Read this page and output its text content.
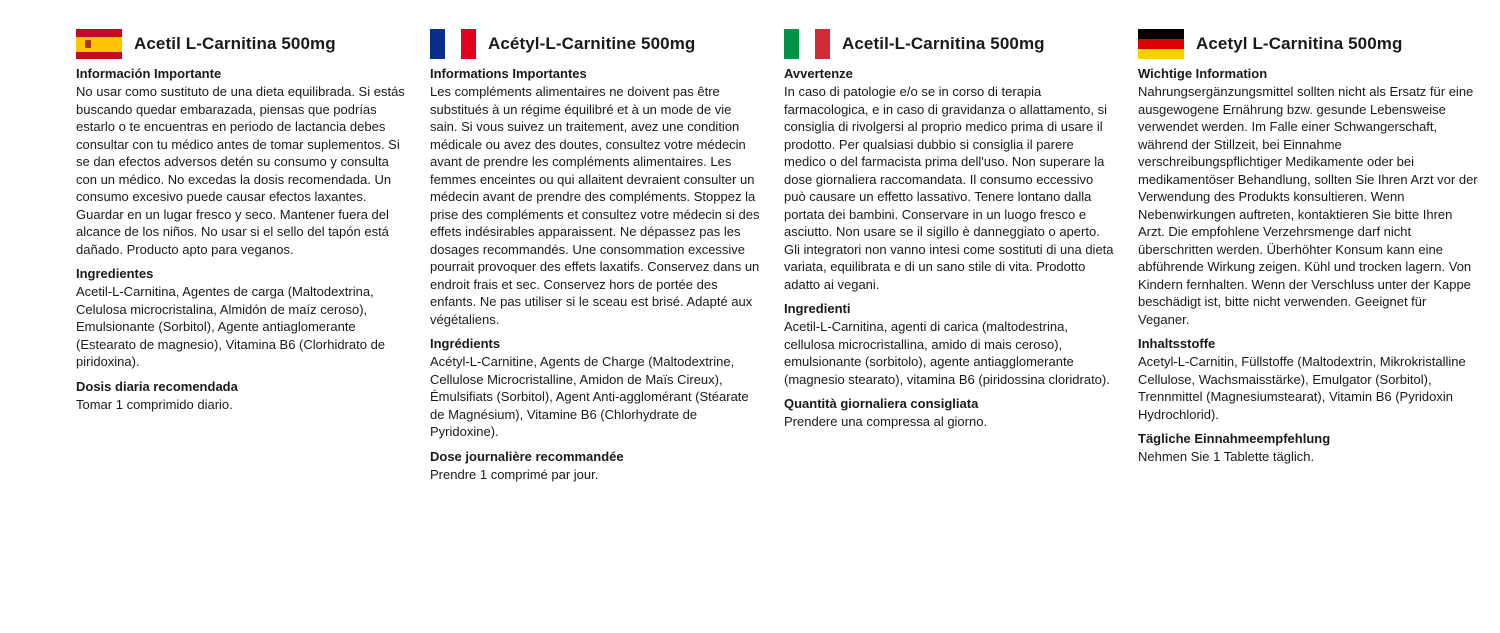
Acetil L-Carnitina 500mg
Información Importante

No usar como sustituto de una dieta equilibrada. Si estás buscando quedar embarazada, piensas que podrías estarlo o te encuentras en periodo de lactancia debes consultar con tu médico antes de tomar suplementos. Si se dan efectos adversos detén su consumo y consulta con un médico. No excedas la dosis recomendada. Un consumo excesivo puede causar efectos laxantes. Guardar en un lugar fresco y seco. Mantener fuera del alcance de los niños. No usar si el sello del tapón está dañado. Producto apto para veganos.

Ingredientes

Acetil-L-Carnitina, Agentes de carga (Maltodextrina, Celulosa microcristalina, Almidón de maíz ceroso), Emulsionante (Sorbitol), Agente antiaglomerante (Estearato de magnesio), Vitamina B6 (Clorhidrato de piridoxina).

Dosis diaria recomendada

Tomar 1 comprimido diario.

Acétyl-L-Carnitine 500mg
Informations Importantes

Les compléments alimentaires ne doivent pas être substitués à un régime équilibré et à un mode de vie sain. Si vous suivez un traitement, avez une condition médicale ou avez des doutes, consultez votre médecin avant de prendre les compléments alimentaires. Les femmes enceintes ou qui allaitent devraient consulter un médecin avant de prendre des compléments. Stoppez la prise des compléments et consultez votre médecin si des effets indésirables apparaissent. Ne dépassez pas les dosages recommandés. Une consommation excessive pourrait provoquer des effets laxatifs. Conservez dans un endroit frais et sec. Conservez hors de portée des enfants. Ne pas utiliser si le sceau est brisé. Adapté aux végétaliens.

Ingrédients

Acétyl-L-Carnitine, Agents de Charge (Maltodextrine, Cellulose Microcristalline, Amidon de Maïs Cireux), Émulsifiats (Sorbitol), Agent Anti-agglomérant (Stéarate de Magnésium), Vitamine B6 (Chlorhydrate de Pyridoxine).

Dose journalière recommandée

Prendre 1 comprimé par jour.

Acetil-L-Carnitina 500mg
Avvertenze

In caso di patologie e/o se in corso di terapia farmacologica, e in caso di gravidanza o allattamento, si consiglia di rivolgersi al proprio medico prima di usare il prodotto. Per qualsiasi dubbio si consiglia il parere medico o del farmacista prima dell'uso. Non superare la dose giornaliera raccomandata. Il consumo eccessivo può causare un effetto lassativo. Tenere lontano dalla portata dei bambini. Conservare in un luogo fresco e asciutto. Non usare se il sigillo è danneggiato o aperto. Gli integratori non vanno intesi come sostituti di una dieta variata, equilibrata e di un sano stile di vita. Prodotto adatto ai vegani.

Ingredienti

Acetil-L-Carnitina, agenti di carica (maltodestrina, cellulosa microcristallina, amido di mais ceroso), emulsionante (sorbitolo), agente antiagglomerante (magnesio stearato), vitamina B6 (piridossina cloridrato).

Quantità giornaliera consigliata

Prendere una compressa al giorno.

Acetyl L-Carnitina 500mg
Wichtige Information

Nahrungsergänzungsmittel sollten nicht als Ersatz für eine ausgewogene Ernährung bzw. gesunde Lebensweise verwendet werden. Im Falle einer Schwangerschaft, während der Stillzeit, bei Einnahme verschreibungspflichtiger Medikamente oder bei medikamentöser Behandlung, sollten Sie Ihren Arzt vor der Verwendung des Produkts konsultieren. Wenn Nebenwirkungen auftreten, kontaktieren Sie bitte Ihren Arzt. Die empfohlene Verzehrsmenge darf nicht überschritten werden. Überhöhter Konsum kann eine abführende Wirkung zeigen. Kühl und trocken lagern. Von Kindern fernhalten. Wenn der Verschluss unter der Kappe beschädigt ist, bitte nicht verwenden. Geeignet für Veganer.

Inhaltsstoffe

Acetyl-L-Carnitin, Füllstoffe (Maltodextrin, Mikrokristalline Cellulose, Wachsmaisstärke), Emulgator (Sorbitol), Trennmittel (Magnesiumstearat), Vitamin B6 (Pyridoxin Hydrochlorid).

Tägliche Einnahmeempfehlung

Nehmen Sie 1 Tablette täglich.
